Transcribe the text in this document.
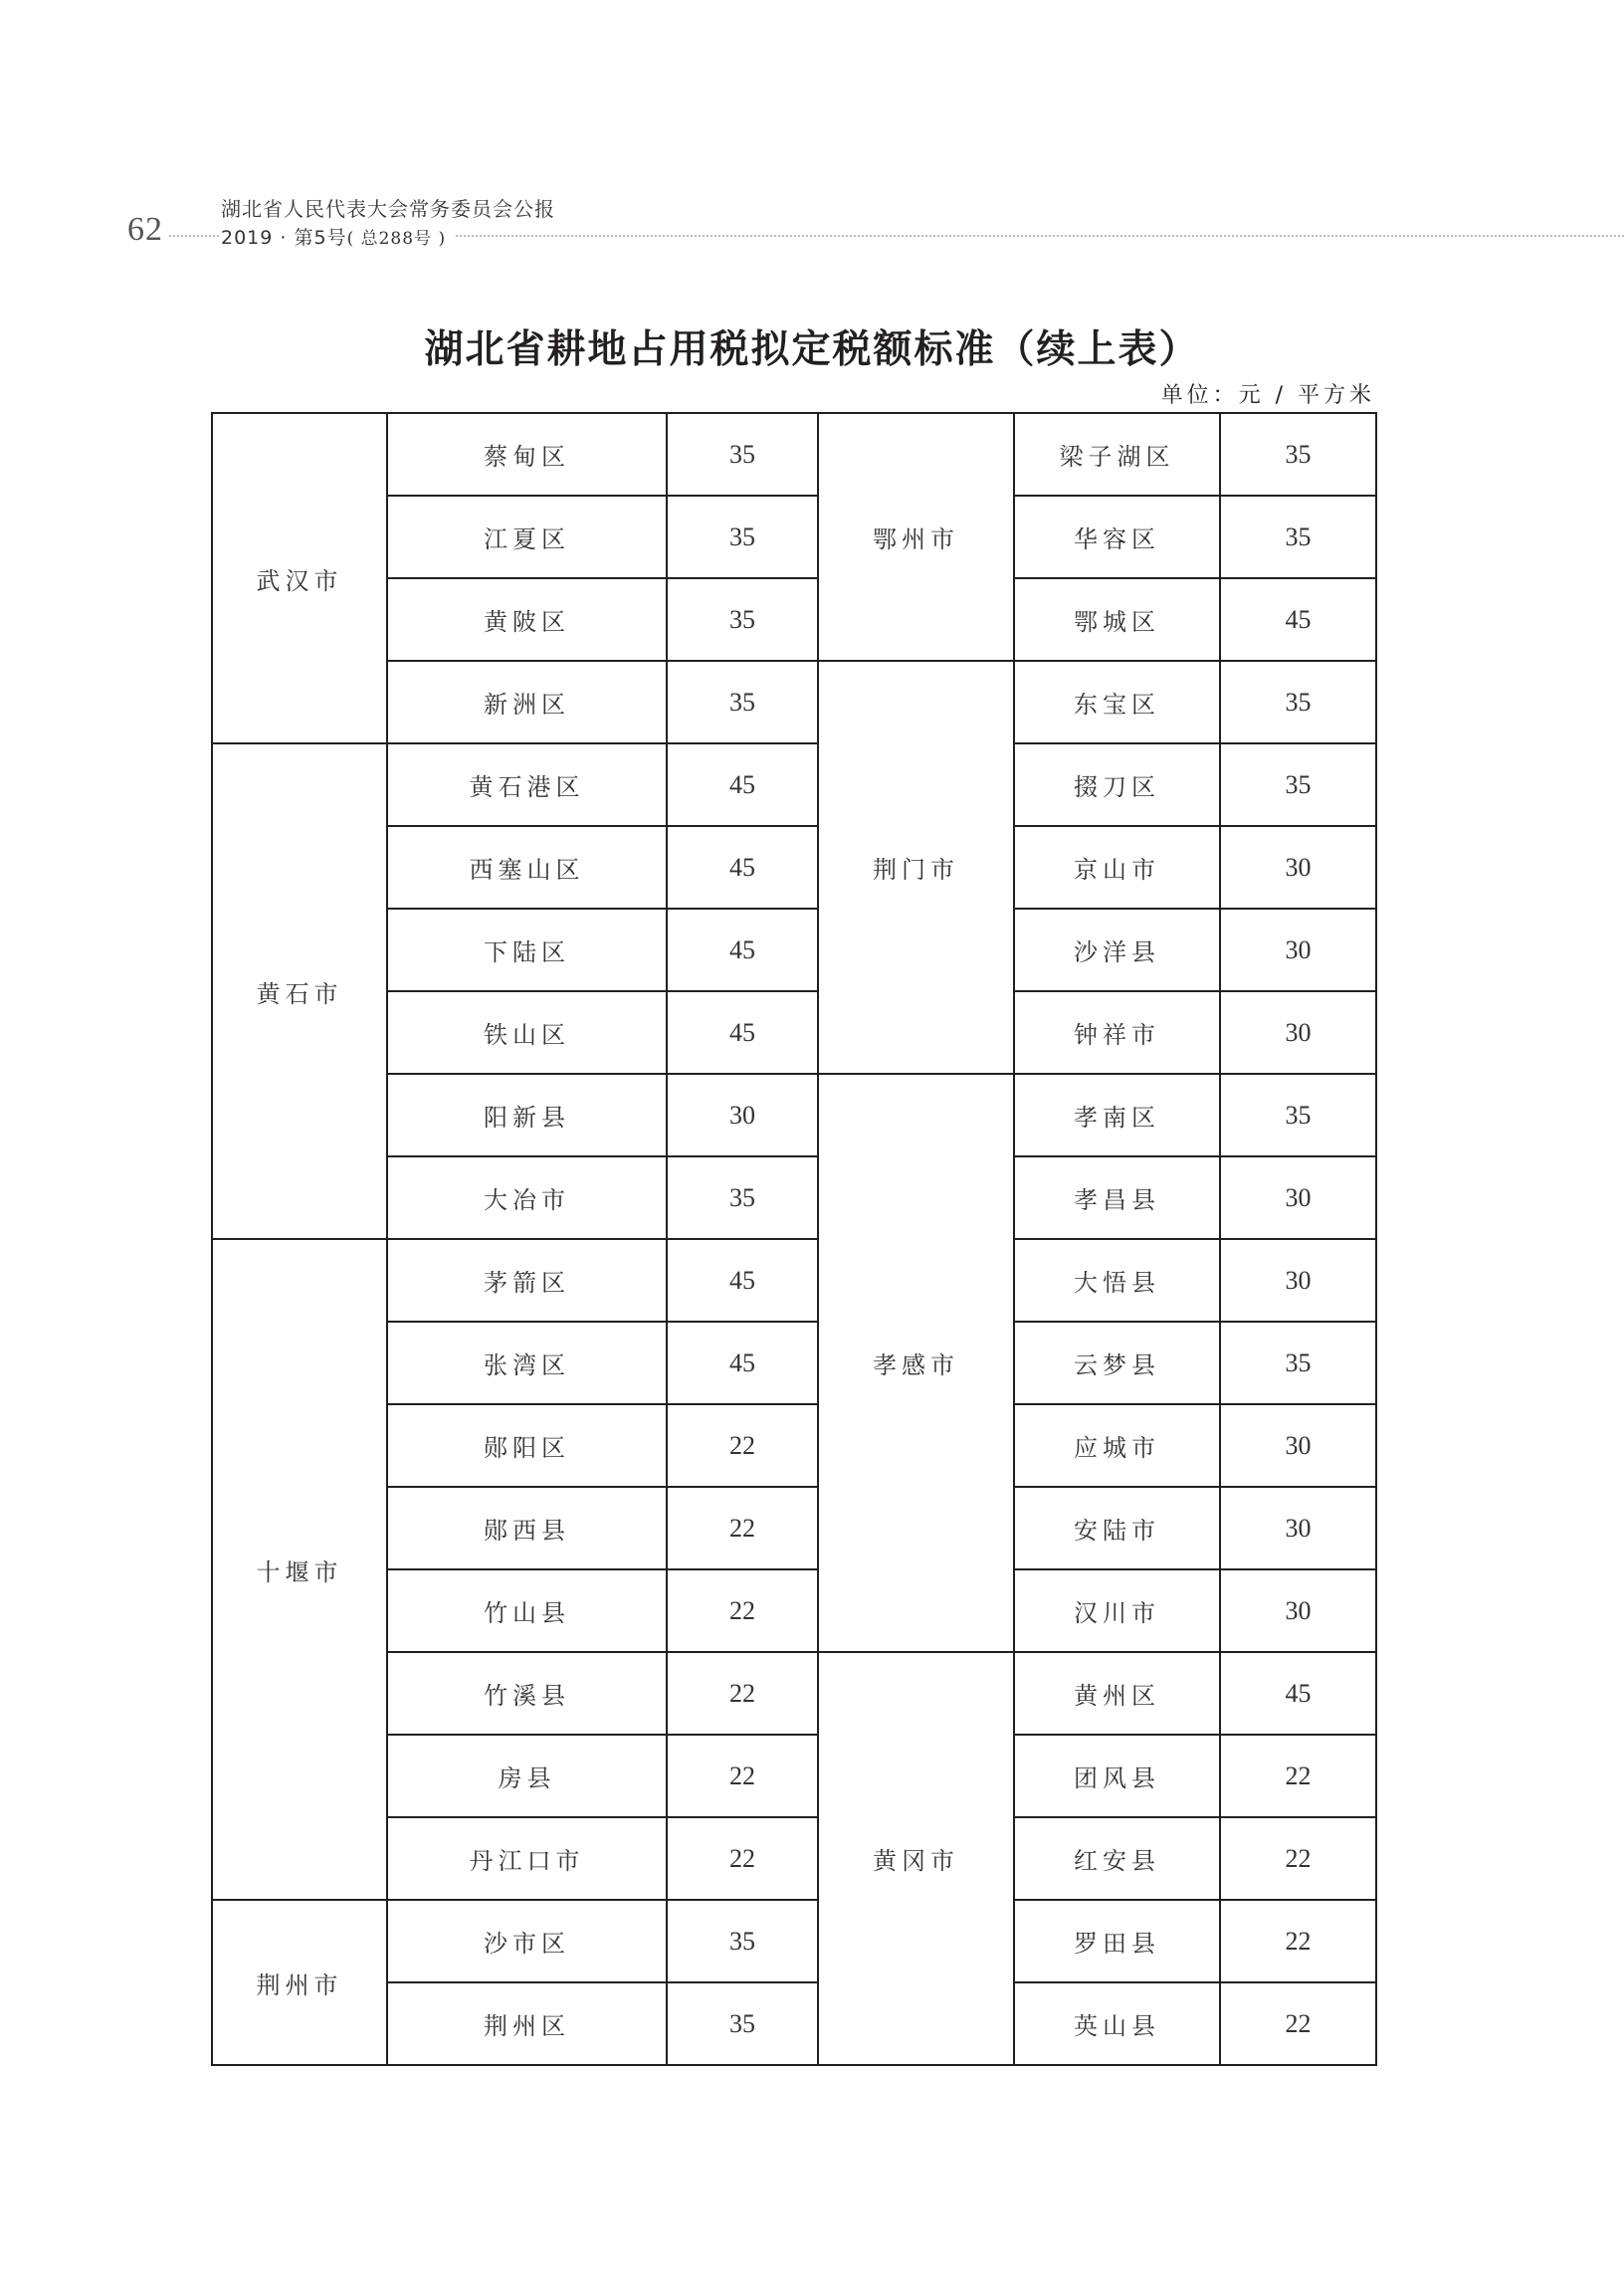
62
湖北省人民代表大会常务委员会公报
2019 · 第5号( 总288号 )
湖北省耕地占用税拟定税额标准（续上表）
单位：元 / 平方米
武汉市	蔡甸区	35	鄂州市	梁子湖区	35
	江夏区	35		华容区	35
	黄陂区	35		鄂城区	45
	新洲区	35	荆门市	东宝区	35
黄石市	黄石港区	45		掇刀区	35
	西塞山区	45		京山市	30
	下陆区	45		沙洋县	30
	铁山区	45		钟祥市	30
	阳新县	30	孝感市	孝南区	35
	大冶市	35		孝昌县	30
十堰市	茅箭区	45		大悟县	30
	张湾区	45		云梦县	35
	郧阳区	22		应城市	30
	郧西县	22		安陆市	30
	竹山县	22		汉川市	30
	竹溪县	22	黄冈市	黄州区	45
	房县	22		团风县	22
	丹江口市	22		红安县	22
荆州市	沙市区	35		罗田县	22
	荆州区	35		英山县	22
